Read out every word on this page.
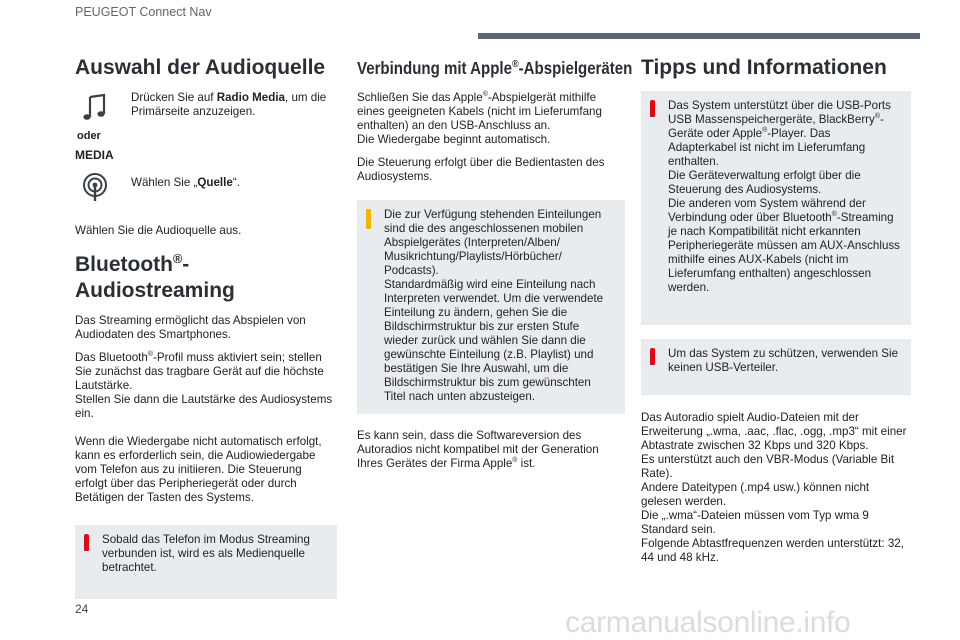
PEUGEOT Connect Nav
Auswahl der Audioquelle

Drücken Sie auf Radio Media, um die Primärseite anzuzeigen.

oder
MEDIA

Wählen Sie „Quelle“.

Wählen Sie die Audioquelle aus.

Bluetooth®-Audiostreaming

Das Streaming ermöglicht das Abspielen von Audiodaten des Smartphones.

Das Bluetooth®-Profil muss aktiviert sein; stellen Sie zunächst das tragbare Gerät auf die höchste Lautstärke.
Stellen Sie dann die Lautstärke des Audiosystems ein.

Wenn die Wiedergabe nicht automatisch erfolgt, kann es erforderlich sein, die Audiowiedergabe vom Telefon aus zu initiieren. Die Steuerung erfolgt über das Peripheriegerät oder durch Betätigen der Tasten des Systems.

Sobald das Telefon im Modus Streaming verbunden ist, wird es als Medienquelle betrachtet.

Verbindung mit Apple®-Abspielgeräten

Schließen Sie das Apple®-Abspielgerät mithilfe eines geeigneten Kabels (nicht im Lieferumfang enthalten) an den USB-Anschluss an.
Die Wiedergabe beginnt automatisch.

Die Steuerung erfolgt über die Bedientasten des Audiosystems.

Die zur Verfügung stehenden Einteilungen sind die des angeschlossenen mobilen Abspielgerätes (Interpreten/Alben/ Musikrichtung/Playlists/Hörbücher/ Podcasts).

Standardmäßig wird eine Einteilung nach Interpreten verwendet. Um die verwendete Einteilung zu ändern, gehen Sie die Bildschirmstruktur bis zur ersten Stufe wieder zurück und wählen Sie dann die gewünschte Einteilung (z.B. Playlist) und bestätigen Sie Ihre Auswahl, um die Bildschirmstruktur bis zum gewünschten Titel nach unten abzusteigen.

Es kann sein, dass die Softwareversion des Autoradios nicht kompatibel mit der Generation Ihres Gerätes der Firma Apple® ist.

Tipps und Informationen

Das System unterstützt über die USB-Ports USB Massenspeichergeräte, BlackBerry®-Geräte oder Apple®-Player. Das Adapterkabel ist nicht im Lieferumfang enthalten.

Die Geräteverwaltung erfolgt über die Steuerung des Audiosystems.

Die anderen vom System während der Verbindung oder über Bluetooth®-Streaming je nach Kompatibilität nicht erkannten Peripheriegeräte müssen am AUX-Anschluss mithilfe eines AUX-Kabels (nicht im Lieferumfang enthalten) angeschlossen werden.

Um das System zu schützen, verwenden Sie keinen USB-Verteiler.

Das Autoradio spielt Audio-Dateien mit der Erweiterung „.wma, .aac, .flac, .ogg, .mp3“ mit einer Abtastrate zwischen 32 Kbps und 320 Kbps.

Es unterstützt auch den VBR-Modus (Variable Bit Rate).

Andere Dateitypen (.mp4 usw.) können nicht gelesen werden.

Die „.wma“-Dateien müssen vom Typ wma 9 Standard sein.

Folgende Abtastfrequenzen werden unterstützt: 32, 44 und 48 kHz.

24	carmanualsonline.info
